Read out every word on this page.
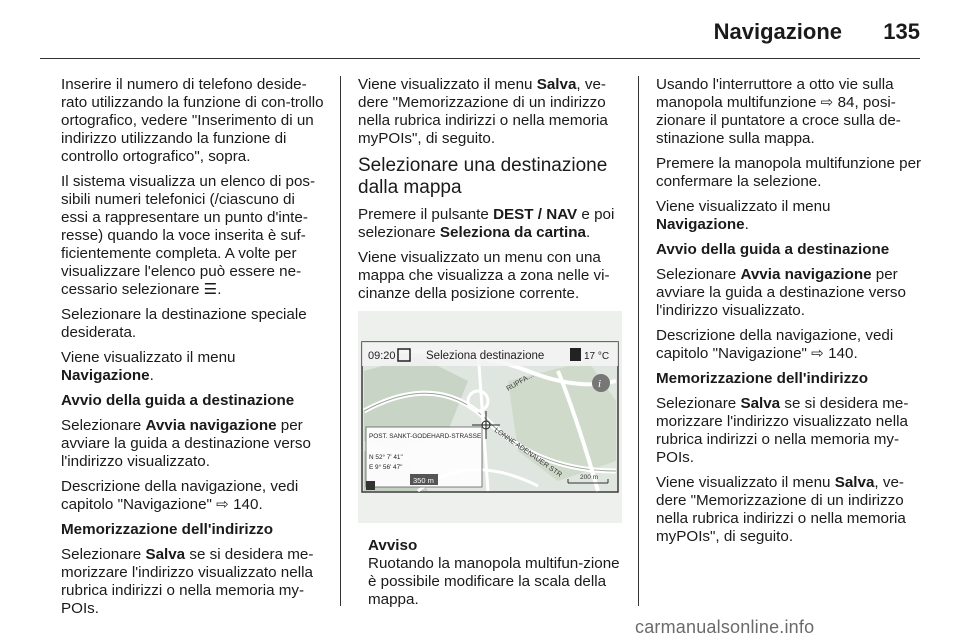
Navigazione 135

Inserire il numero di telefono deside-rato utilizzando la funzione di con-trollo ortografico, vedere "Inserimento di un indirizzo utilizzando la funzione di controllo ortografico", sopra.

Il sistema visualizza un elenco di pos-sibili numeri telefonici (/ciascuno di essi a rappresentare un punto d'inte-resse) quando la voce inserita è suf-ficientemente completa. A volte per visualizzare l'elenco può essere ne-cessario selezionare ☰.

Selezionare la destinazione speciale desiderata.

Viene visualizzato il menu
Navigazione.

Avvio della guida a destinazione

Selezionare Avvia navigazione per avviare la guida a destinazione verso l'indirizzo visualizzato.

Descrizione della navigazione, vedi capitolo "Navigazione" ⇨ 140.

Memorizzazione dell'indirizzo

Selezionare Salva se si desidera me-morizzare l'indirizzo visualizzato nella rubrica indirizzi o nella memoria my-POIs.

Viene visualizzato il menu Salva, ve-dere "Memorizzazione di un indirizzo nella rubrica indirizzi o nella memoria myPOIs", di seguito.

Selezionare una destinazione dalla mappa

Premere il pulsante DEST / NAV e poi selezionare Seleziona da cartina.

Viene visualizzato un menu con una mappa che visualizza a zona nelle vi-cinanze della posizione corrente.

09:20	Seleziona destinazione	17 °C
i
RUPFA…
LONNE ADENAUER STR
POST. SANKT-GODEHARD-STRASSE
N 52° 7' 41"
E 9° 56' 47"
350 m	200 m

Avviso

Ruotando la manopola multifun-zione è possibile modificare la scala della mappa.

Usando l'interruttore a otto vie sulla manopola multifunzione ⇨ 84, posi-zionare il puntatore a croce sulla de-stinazione sulla mappa.

Premere la manopola multifunzione per confermare la selezione.

Viene visualizzato il menu
Navigazione.

Avvio della guida a destinazione

Selezionare Avvia navigazione per avviare la guida a destinazione verso l'indirizzo visualizzato.

Descrizione della navigazione, vedi capitolo "Navigazione" ⇨ 140.

Memorizzazione dell'indirizzo

Selezionare Salva se si desidera me-morizzare l'indirizzo visualizzato nella rubrica indirizzi o nella memoria my-POIs.

Viene visualizzato il menu Salva, ve-dere "Memorizzazione di un indirizzo nella rubrica indirizzi o nella memoria myPOIs", di seguito.

carmanualsonline.info
